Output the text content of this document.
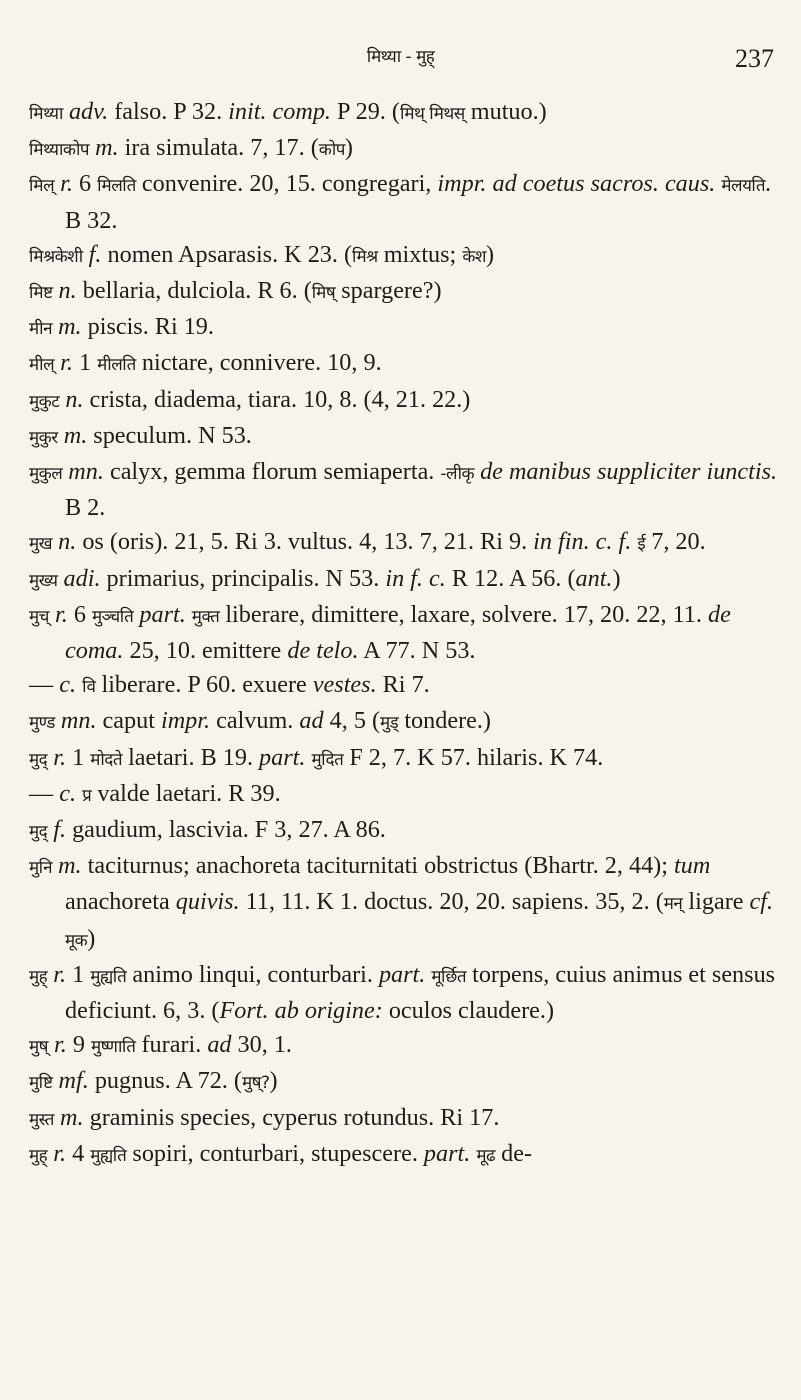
मिथ्या - मुह्	237

मिथ्या adv. falso. P 32. init. comp. P 29. (मिथ् मिथस् mutuo.)

मिथ्याकोप m. ira simulata. 7, 17. (कोप)

मिल् r. 6 मिलति convenire. 20, 15. congregari, impr. ad coetus sacros. caus. मेलयति. B 32.

मिश्रकेशी f. nomen Apsarasis. K 23. (मिश्र mixtus; केश)

मिष्ट n. bellaria, dulciola. R 6. (मिष् spargere?)

मीन m. piscis. Ri 19.

मील् r. 1 मीलति nictare, connivere. 10, 9.

मुकुट n. crista, diadema, tiara. 10, 8. (4, 21. 22.)

मुकुर m. speculum. N 53.

मुकुल mn. calyx, gemma florum semiaperta. -लीकृ de manibus suppliciter iunctis. B 2.

मुख n. os (oris). 21, 5. Ri 3. vultus. 4, 13. 7, 21. Ri 9. in fin. c. f. ई 7, 20.

मुख्य adi. primarius, principalis. N 53. in f. c. R 12. A 56. (ant.)

मुच् r. 6 मुञ्चति part. मुक्त liberare, dimittere, laxare, solvere. 17, 20. 22, 11. de coma. 25, 10. emittere de telo. A 77. N 53.

— c. वि liberare. P 60. exuere vestes. Ri 7.

मुण्ड mn. caput impr. calvum. ad 4, 5 (मुड् tondere.)

मुद् r. 1 मोदते laetari. B 19. part. मुदित F 2, 7. K 57. hilaris. K 74.

— c. प्र valde laetari. R 39.

मुद् f. gaudium, lascivia. F 3, 27. A 86.

मुनि m. taciturnus; anachoreta taciturnitati obstrictus (Bhartr. 2, 44); tum anachoreta quivis. 11, 11. K 1. doctus. 20, 20. sapiens. 35, 2. (मन् ligare cf. मूक)

मुह् r. 1 मुह्यति animo linqui, conturbari. part. मूर्छित torpens, cuius animus et sensus deficiunt. 6, 3. (Fort. ab origine: oculos claudere.)

मुष् r. 9 मुष्णाति furari. ad 30, 1.

मुष्टि mf. pugnus. A 72. (मुष्?)

मुस्त m. graminis species, cyperus rotundus. Ri 17.

मुह् r. 4 मुह्यति sopiri, conturbari, stupescere. part. मूढ de-
